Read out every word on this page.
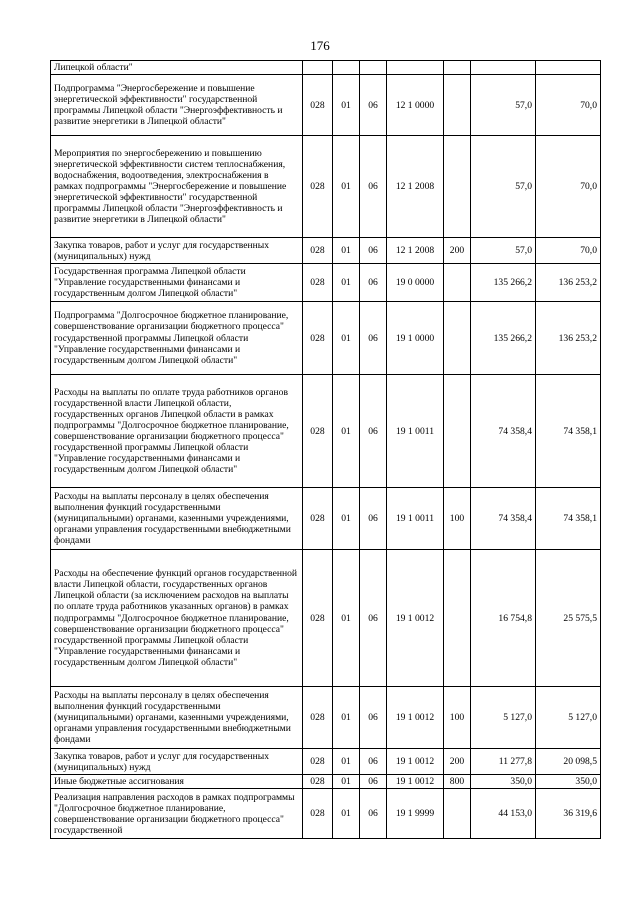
176
Липецкой области"							
Подпрограмма "Энергосбережение и повышение энергетической эффективности" государственной программы Липецкой области "Энергоэффективность и развитие энергетики в Липецкой области"	028	01	06	12 1 0000		57,0	70,0
Мероприятия по энергосбережению и повышению энергетической эффективности систем теплоснабжения, водоснабжения, водоотведения, электроснабжения в рамках подпрограммы "Энергосбережение и повышение энергетической эффективности" государственной программы Липецкой области "Энергоэффективность и развитие энергетики в Липецкой области"	028	01	06	12 1 2008		57,0	70,0
Закупка товаров, работ и услуг для государственных (муниципальных) нужд	028	01	06	12 1 2008	200	57,0	70,0
Государственная программа Липецкой области "Управление государственными финансами и государственным долгом Липецкой области"	028	01	06	19 0 0000		135 266,2	136 253,2
Подпрограмма "Долгосрочное бюджетное планирование, совершенствование организации бюджетного процесса" государственной программы Липецкой области "Управление государственными финансами и государственным долгом Липецкой области"	028	01	06	19 1 0000		135 266,2	136 253,2
Расходы на выплаты по оплате труда работников органов государственной власти Липецкой области, государственных органов Липецкой области в рамках подпрограммы "Долгосрочное бюджетное планирование, совершенствование организации бюджетного процесса" государственной программы Липецкой области "Управление государственными финансами и государственным долгом Липецкой области"	028	01	06	19 1 0011		74 358,4	74 358,1
Расходы на выплаты персоналу в целях обеспечения выполнения функций государственными (муниципальными) органами, казенными учреждениями, органами управления государственными внебюджетными фондами	028	01	06	19 1 0011	100	74 358,4	74 358,1
Расходы на обеспечение функций органов государственной власти Липецкой области, государственных органов Липецкой области (за исключением расходов на выплаты по оплате труда работников указанных органов) в рамках подпрограммы "Долгосрочное бюджетное планирование, совершенствование организации бюджетного процесса" государственной программы Липецкой области "Управление государственными финансами и государственным долгом Липецкой области"	028	01	06	19 1 0012		16 754,8	25 575,5
Расходы на выплаты персоналу в целях обеспечения выполнения функций государственными (муниципальными) органами, казенными учреждениями, органами управления государственными внебюджетными фондами	028	01	06	19 1 0012	100	5 127,0	5 127,0
Закупка товаров, работ и услуг для государственных (муниципальных) нужд	028	01	06	19 1 0012	200	11 277,8	20 098,5
Иные бюджетные ассигнования	028	01	06	19 1 0012	800	350,0	350,0
Реализация направления расходов в рамках подпрограммы "Долгосрочное бюджетное планирование, совершенствование организации бюджетного процесса" государственной	028	01	06	19 1 9999		44 153,0	36 319,6
